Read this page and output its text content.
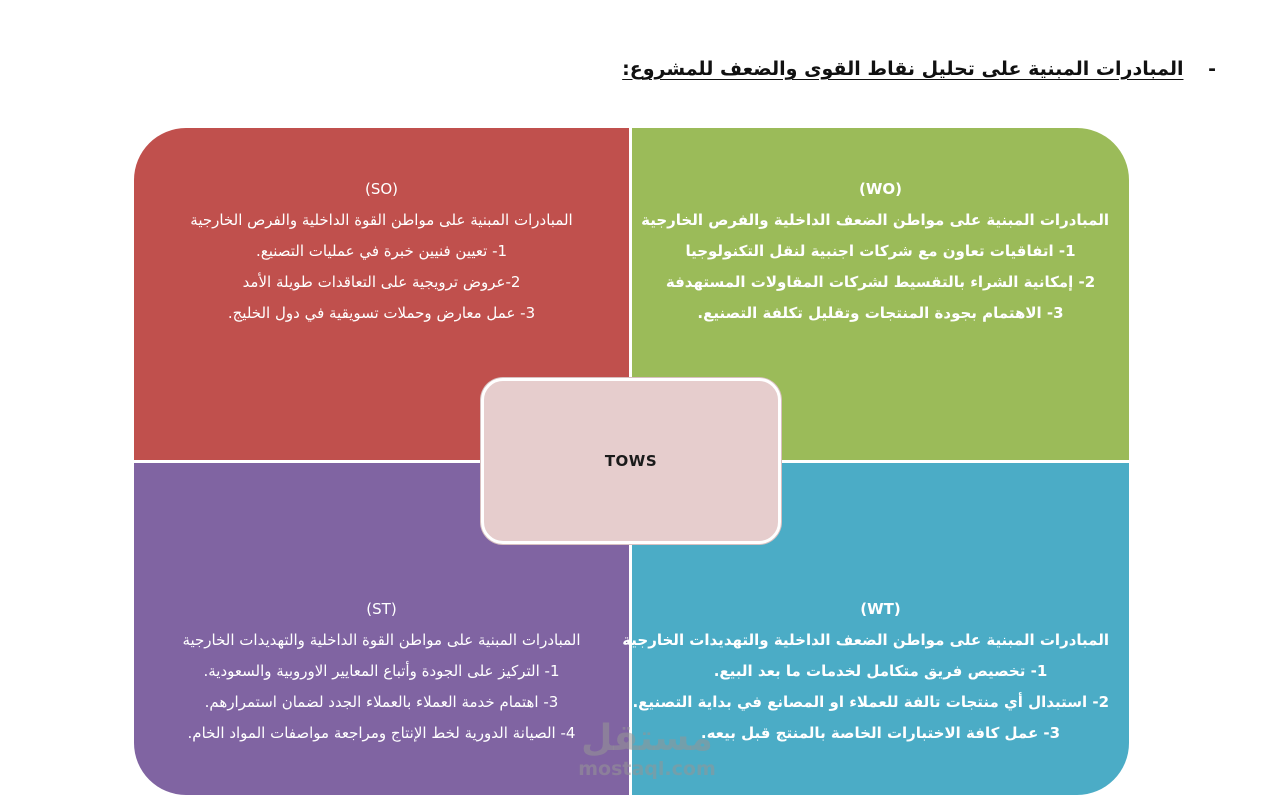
- المبادرات المبنية على تحليل نقاط القوى والضعف للمشروع:
(SO)
المبادرات المبنية على مواطن القوة الداخلية والفرص الخارجية
1- تعيين فنيين خبرة في عمليات التصنيع.
2-عروض ترويجية على التعاقدات طويلة الأمد
3- عمل معارض وحملات تسويقية في دول الخليج.
(WO)
المبادرات المبنية على مواطن الضعف الداخلية والفرص الخارجية
1- اتفاقيات تعاون مع شركات اجنبية لنقل التكنولوجيا
2- إمكانية الشراء بالتقسيط لشركات المقاولات المستهدفة
3- الاهتمام بجودة المنتجات وتقليل تكلفة التصنيع.
(ST)
المبادرات المبنية على مواطن القوة الداخلية والتهديدات الخارجية
1- التركيز على الجودة وأتباع المعايير الاوروبية والسعودية.
3- اهتمام خدمة العملاء بالعملاء الجدد لضمان استمرارهم.
4- الصيانة الدورية لخط الإنتاج ومراجعة مواصفات المواد الخام.
(WT)
المبادرات المبنية على مواطن الضعف الداخلية والتهديدات الخارجية
1- تخصيص فريق متكامل لخدمات ما بعد البيع.
2- استبدال أي منتجات تالفة للعملاء او المصانع في بداية التصنيع.
3- عمل كافة الاختبارات الخاصة بالمنتج قبل بيعه.
TOWS
مستقل
mostaql.com
